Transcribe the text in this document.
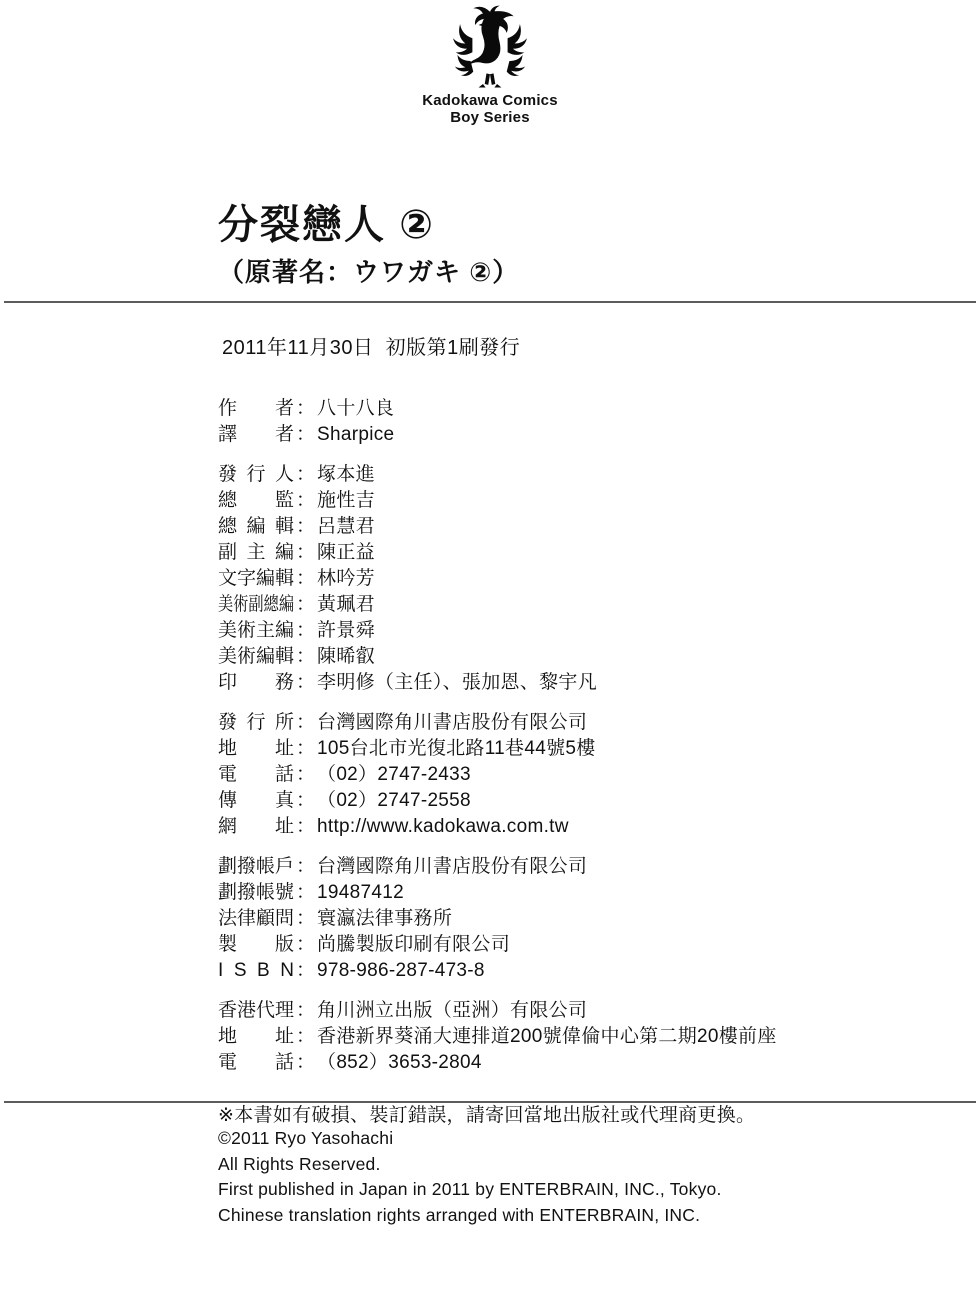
Kadokawa Comics
Boy Series
分裂戀人 ②
（原著名：ウワガキ ②）
2011年11月30日  初版第1刷發行
作 者 ： 八十八良
譯 者 ： Sharpice
發 行 人 ： 塚本進
總 監 ： 施性吉
總 編 輯 ： 呂慧君
副 主 編 ： 陳正益
文 字 編 輯 ： 林吟芳
美 術 副 總 編 ： 黃珮君
美 術 主 編 ： 許景舜
美 術 編 輯 ： 陳晞叡
印 務 ： 李明修（主任）、張加恩、黎宇凡
發 行 所 ： 台灣國際角川書店股份有限公司
地 址 ： 105台北市光復北路11巷44號5樓
電 話 ： （02）2747-2433
傳 真 ： （02）2747-2558
網 址 ： http://www.kadokawa.com.tw
劃 撥 帳 戶 ： 台灣國際角川書店股份有限公司
劃 撥 帳 號 ： 19487412
法 律 顧 問 ： 寰瀛法律事務所
製 版 ： 尚騰製版印刷有限公司
I S B N ： 978-986-287-473-8
香 港 代 理 ： 角川洲立出版（亞洲）有限公司
地 址 ： 香港新界葵涌大連排道200號偉倫中心第二期20樓前座
電 話 ： （852）3653-2804
※本書如有破損、裝訂錯誤，請寄回當地出版社或代理商更換。
©2011 Ryo Yasohachi
All Rights Reserved.
First published in Japan in 2011 by ENTERBRAIN, INC., Tokyo.
Chinese translation rights arranged with ENTERBRAIN, INC.
